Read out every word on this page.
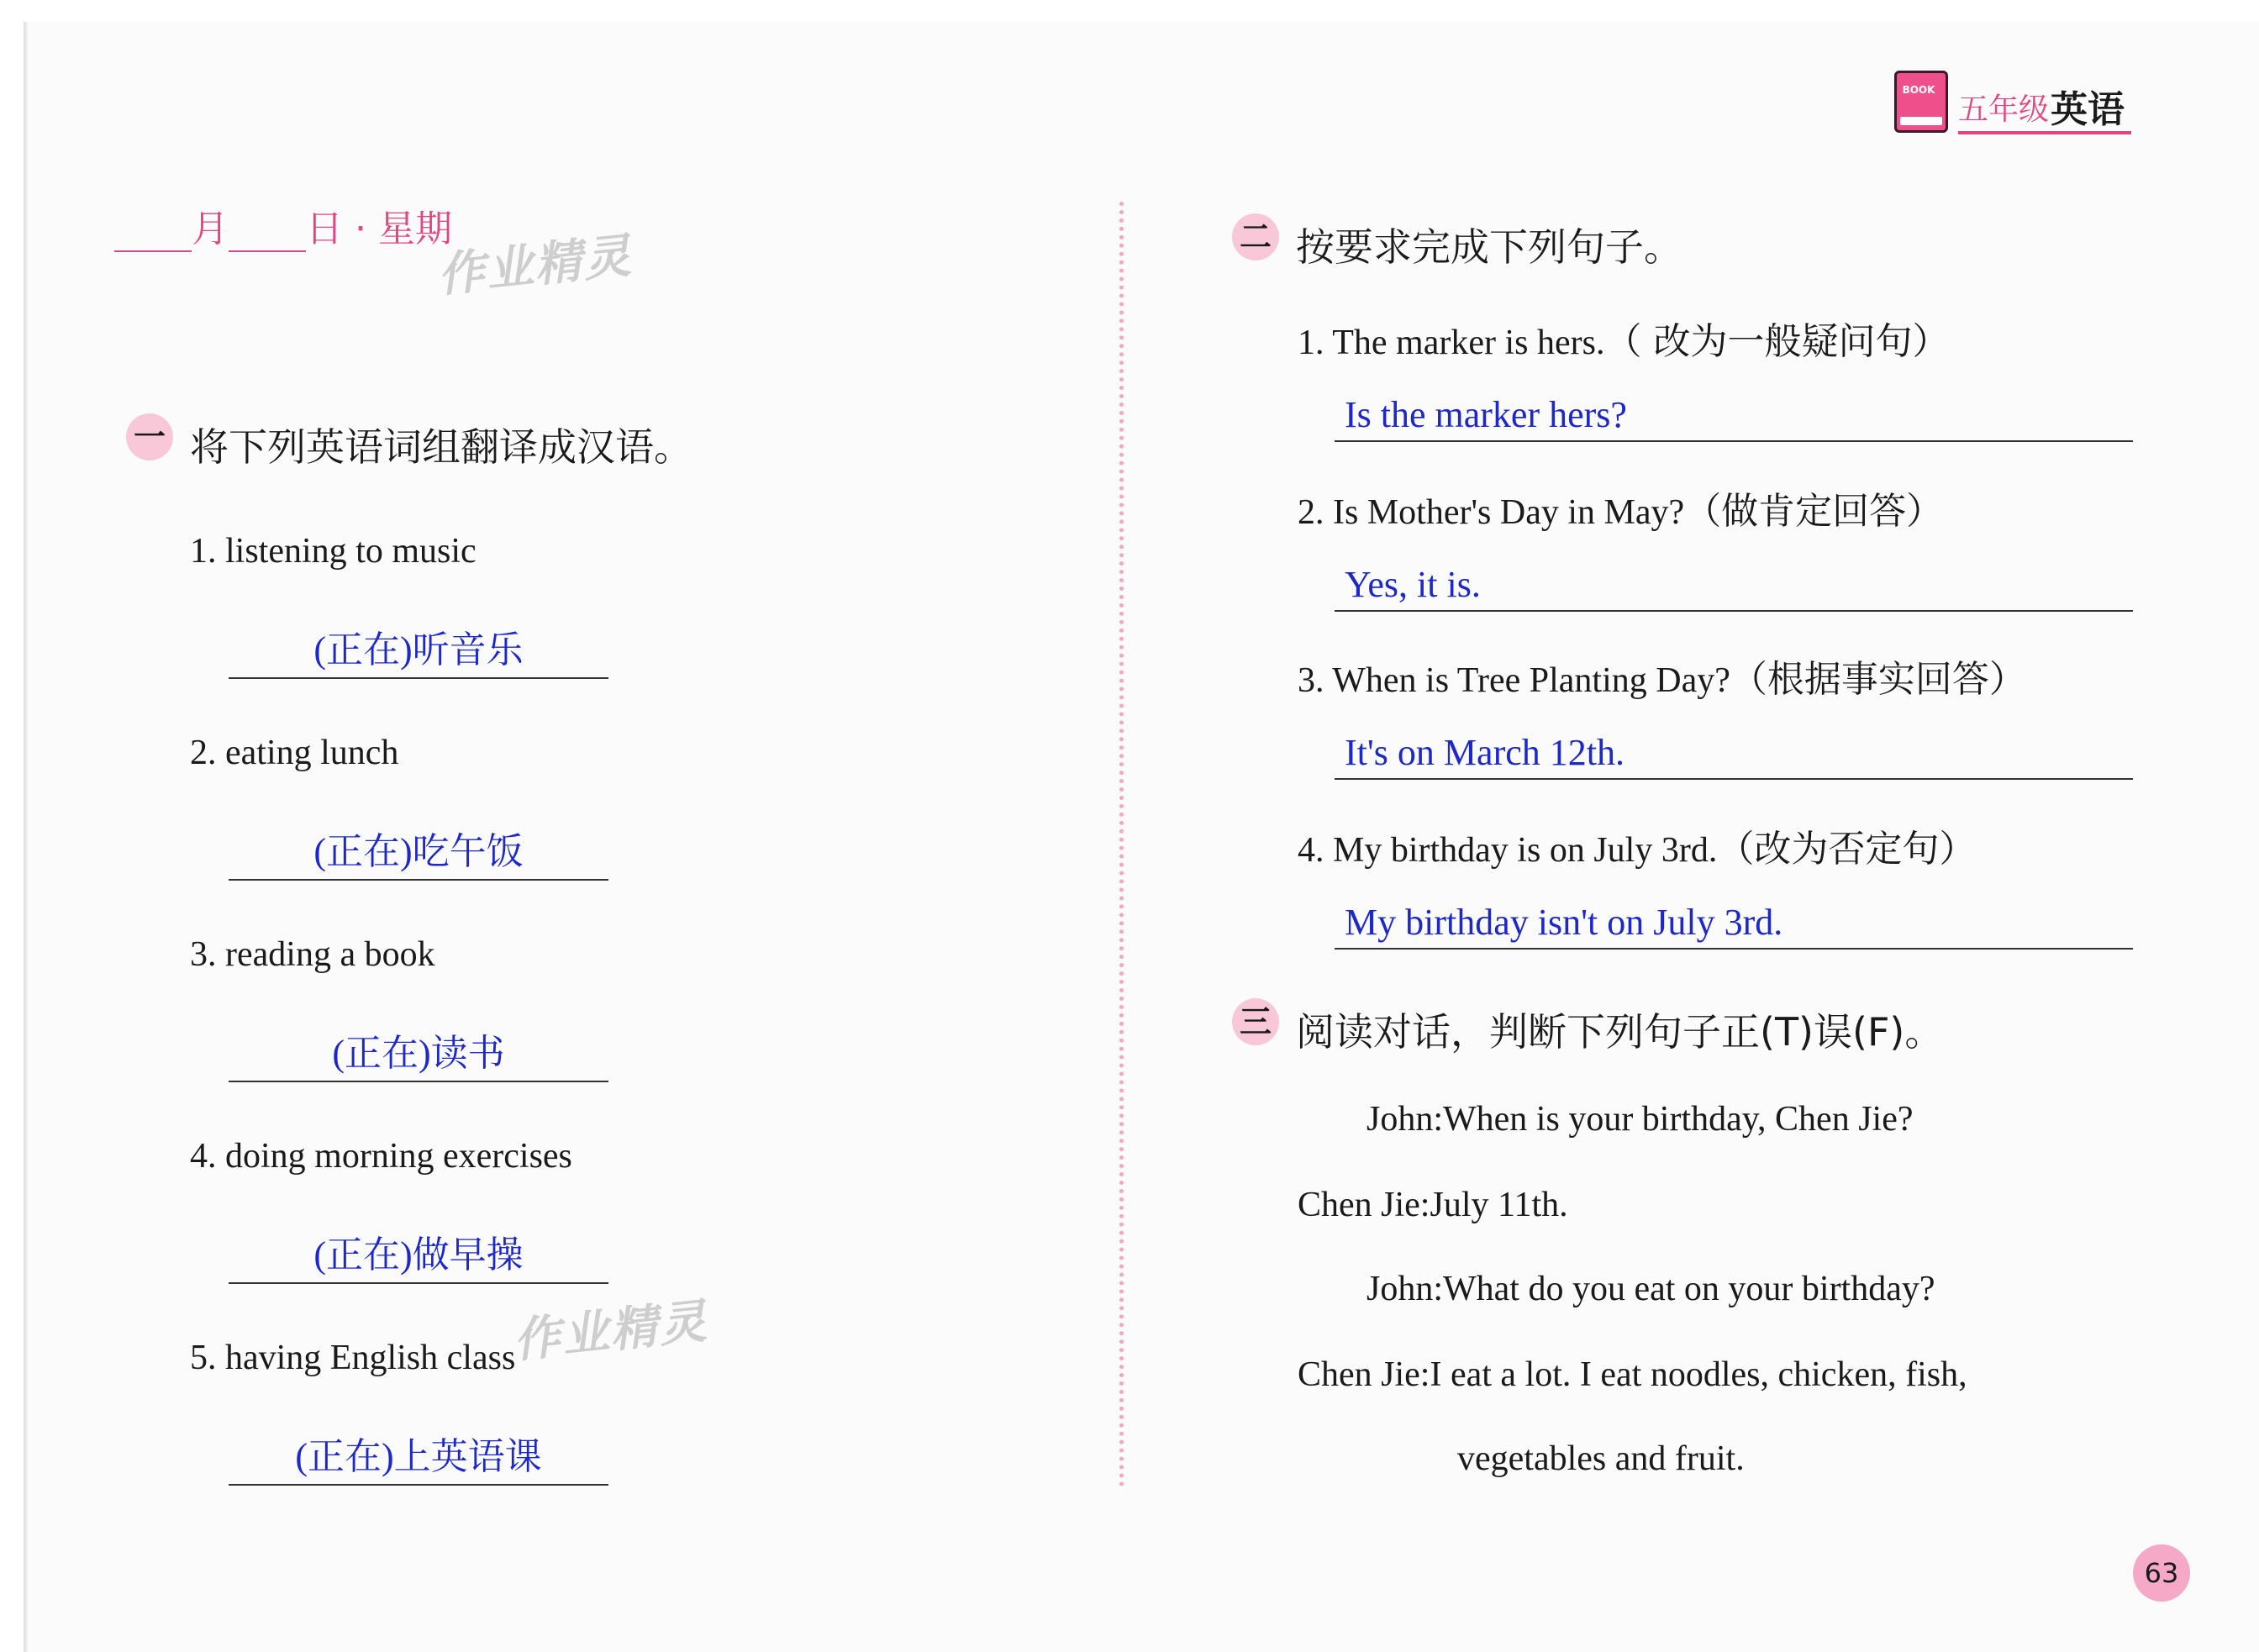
BOOK
五年级 英语
月 日 · 星期
作业精灵
作业精灵
一 将下列英语词组翻译成汉语。
1. listening to music
(正在)听音乐
2. eating lunch
(正在)吃午饭
3. reading a book
(正在)读书
4. doing morning exercises
(正在)做早操
5. having English class
(正在)上英语课
二 按要求完成下列句子。
1. The marker is hers.（ 改为一般疑问句）
Is the marker hers?
2. Is Mother's Day in May?（做肯定回答）
Yes, it is.
3. When is Tree Planting Day?（根据事实回答）
It's on March 12th.
4. My birthday is on July 3rd.（改为否定句）
My birthday isn't on July 3rd.
三 阅读对话，判断下列句子正(T)误(F)。
John:When is your birthday, Chen Jie?
Chen Jie:July 11th.
John:What do you eat on your birthday?
Chen Jie:I eat a lot. I eat noodles, chicken, fish,
vegetables and fruit.
63
